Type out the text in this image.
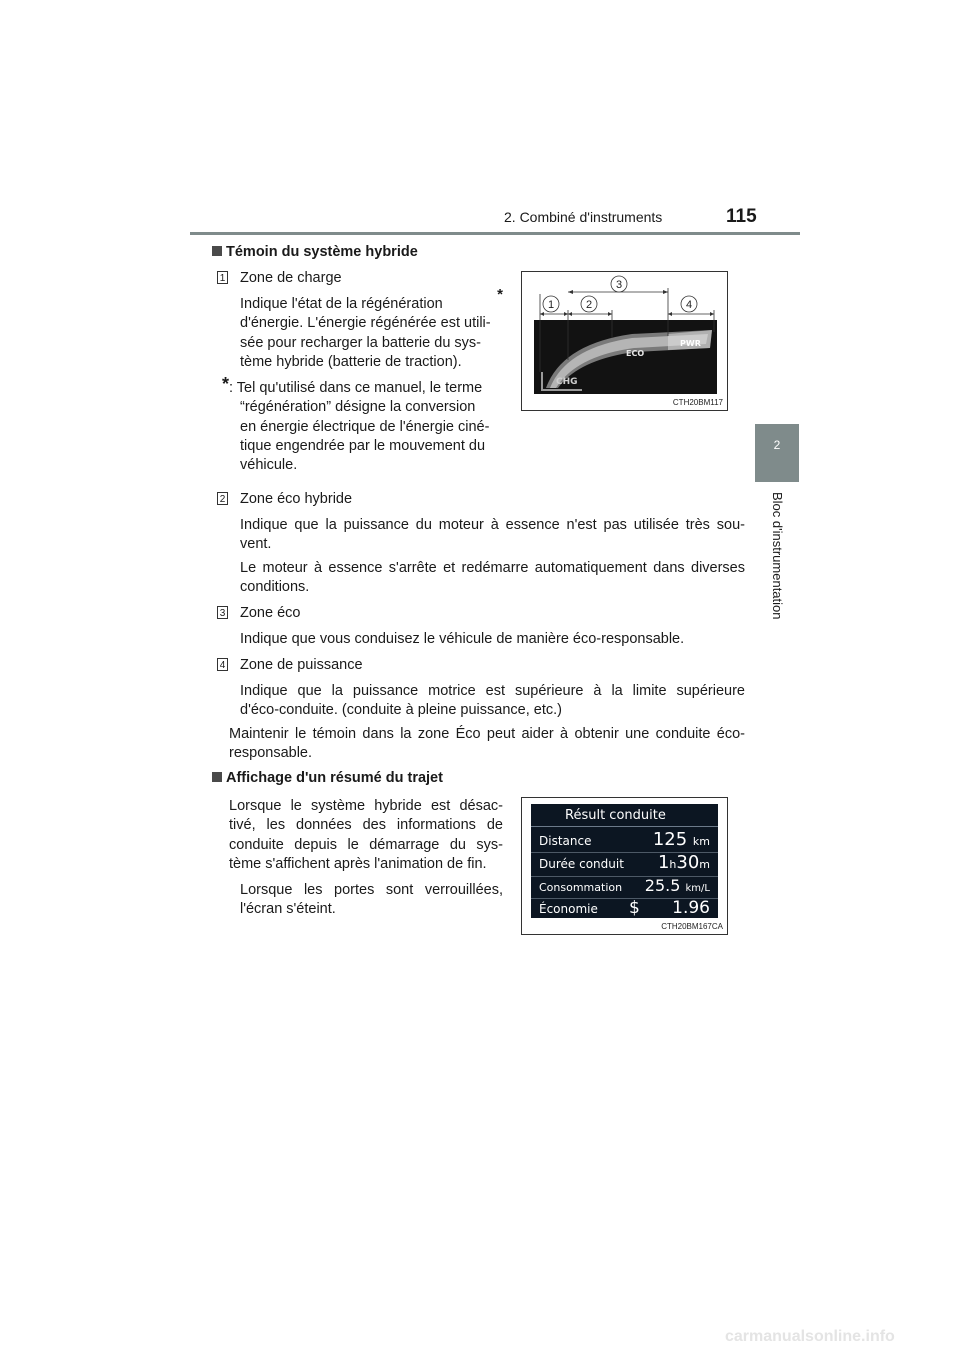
2. Combiné d'instruments	115
2
Bloc d'instrumentation
Témoin du système hybride
1 Zone de charge
Indique l'état de la régénération
*
d'énergie. L'énergie régénérée est utili-
sée pour recharger la batterie du sys-
tème hybride (batterie de traction).
* : Tel qu'utilisé dans ce manuel, le terme
“régénération” désigne la conversion
en énergie électrique de l'énergie ciné-
tique engendrée par le mouvement du
véhicule.
CHG
ECO
PWR
3
1	2	4
CTH20BM117
2 Zone éco hybride
Indique que la puissance du moteur à essence n'est pas utilisée très sou-
vent.
Le moteur à essence s'arrête et redémarre automatiquement dans diverses
conditions.
3 Zone éco
Indique que vous conduisez le véhicule de manière éco-responsable.
4 Zone de puissance
Indique que la puissance motrice est supérieure à la limite supérieure
d'éco-conduite. (conduite à pleine puissance, etc.)
Maintenir le témoin dans la zone Éco peut aider à obtenir une conduite éco-
responsable.
Affichage d'un résumé du trajet
Lorsque le système hybride est désac-
tivé, les données des informations de
conduite depuis le démarrage du sys-
tème s'affichent après l'animation de fin.
Lorsque les portes sont verrouillées,
l'écran s'éteint.
Résult conduite
Distance	125 km
Durée conduit 1h30m
Consommation 25.5 km/L
Économie $ 1.96
CTH20BM167CA
carmanualsonline.info
